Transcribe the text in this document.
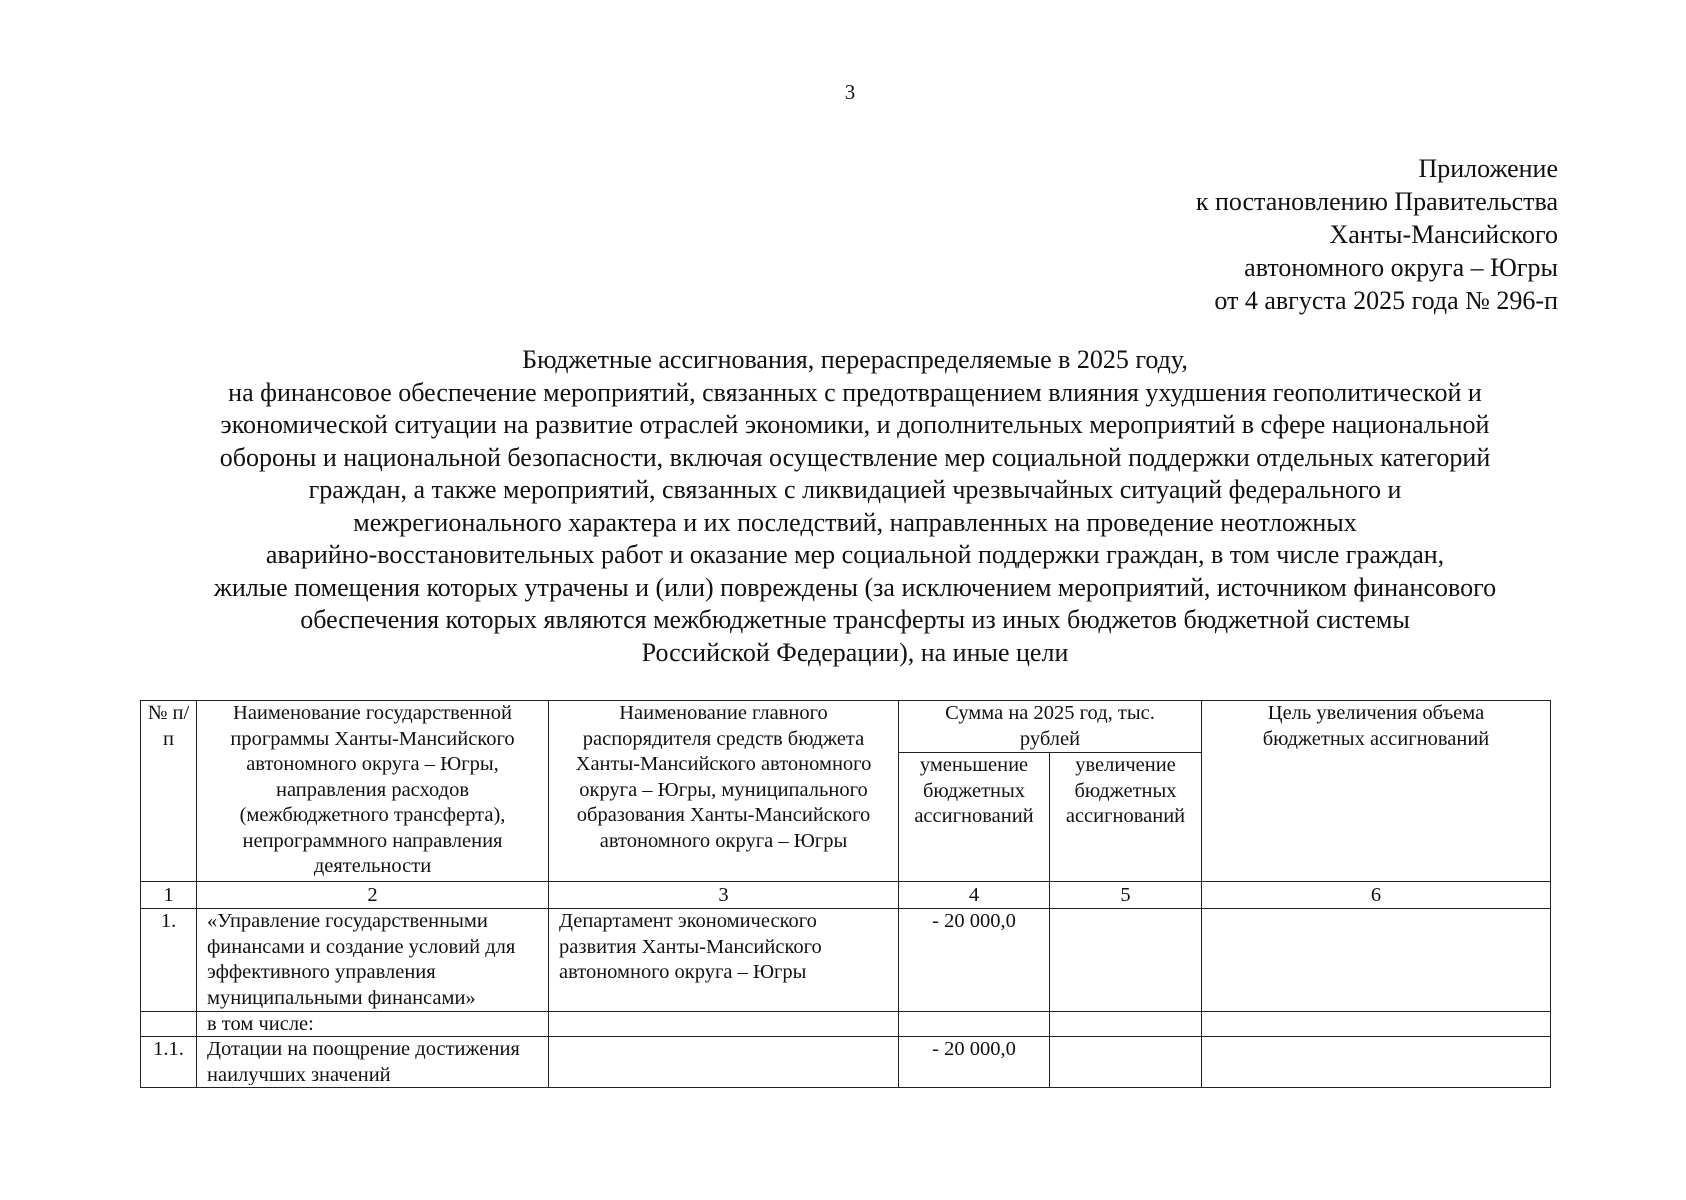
3
Приложение
к постановлению Правительства
Ханты-Мансийского
автономного округа – Югры
от 4 августа 2025 года № 296-п
Бюджетные ассигнования, перераспределяемые в 2025 году,
на финансовое обеспечение мероприятий, связанных с предотвращением влияния ухудшения геополитической и
экономической ситуации на развитие отраслей экономики, и дополнительных мероприятий в сфере национальной
обороны и национальной безопасности, включая осуществление мер социальной поддержки отдельных категорий
граждан, а также мероприятий, связанных с ликвидацией чрезвычайных ситуаций федерального и
межрегионального характера и их последствий, направленных на проведение неотложных
аварийно-восстановительных работ и оказание мер социальной поддержки граждан, в том числе граждан,
жилые помещения которых утрачены и (или) повреждены (за исключением мероприятий, источником финансового
обеспечения которых являются межбюджетные трансферты из иных бюджетов бюджетной системы
Российской Федерации), на иные цели
№ п/п	Наименование государственной программы Ханты-Мансийского автономного округа – Югры, направления расходов (межбюджетного трансферта), непрограммного направления деятельности	Наименование главного распорядителя средств бюджета Ханты-Мансийского автономного округа – Югры, муниципального образования Ханты-Мансийского автономного округа – Югры	Сумма на 2025 год, тыс. рублей		Цель увеличения объема бюджетных ассигнований
			уменьшение бюджетных ассигнований	увеличение бюджетных ассигнований	
1	2	3	4	5	6
1.	«Управление государственными финансами и создание условий для эффективного управления муниципальными финансами»	Департамент экономического развития Ханты-Мансийского автономного округа – Югры	- 20 000,0		
	в том числе:				
1.1.	Дотации на поощрение достижения наилучших значений		- 20 000,0		
